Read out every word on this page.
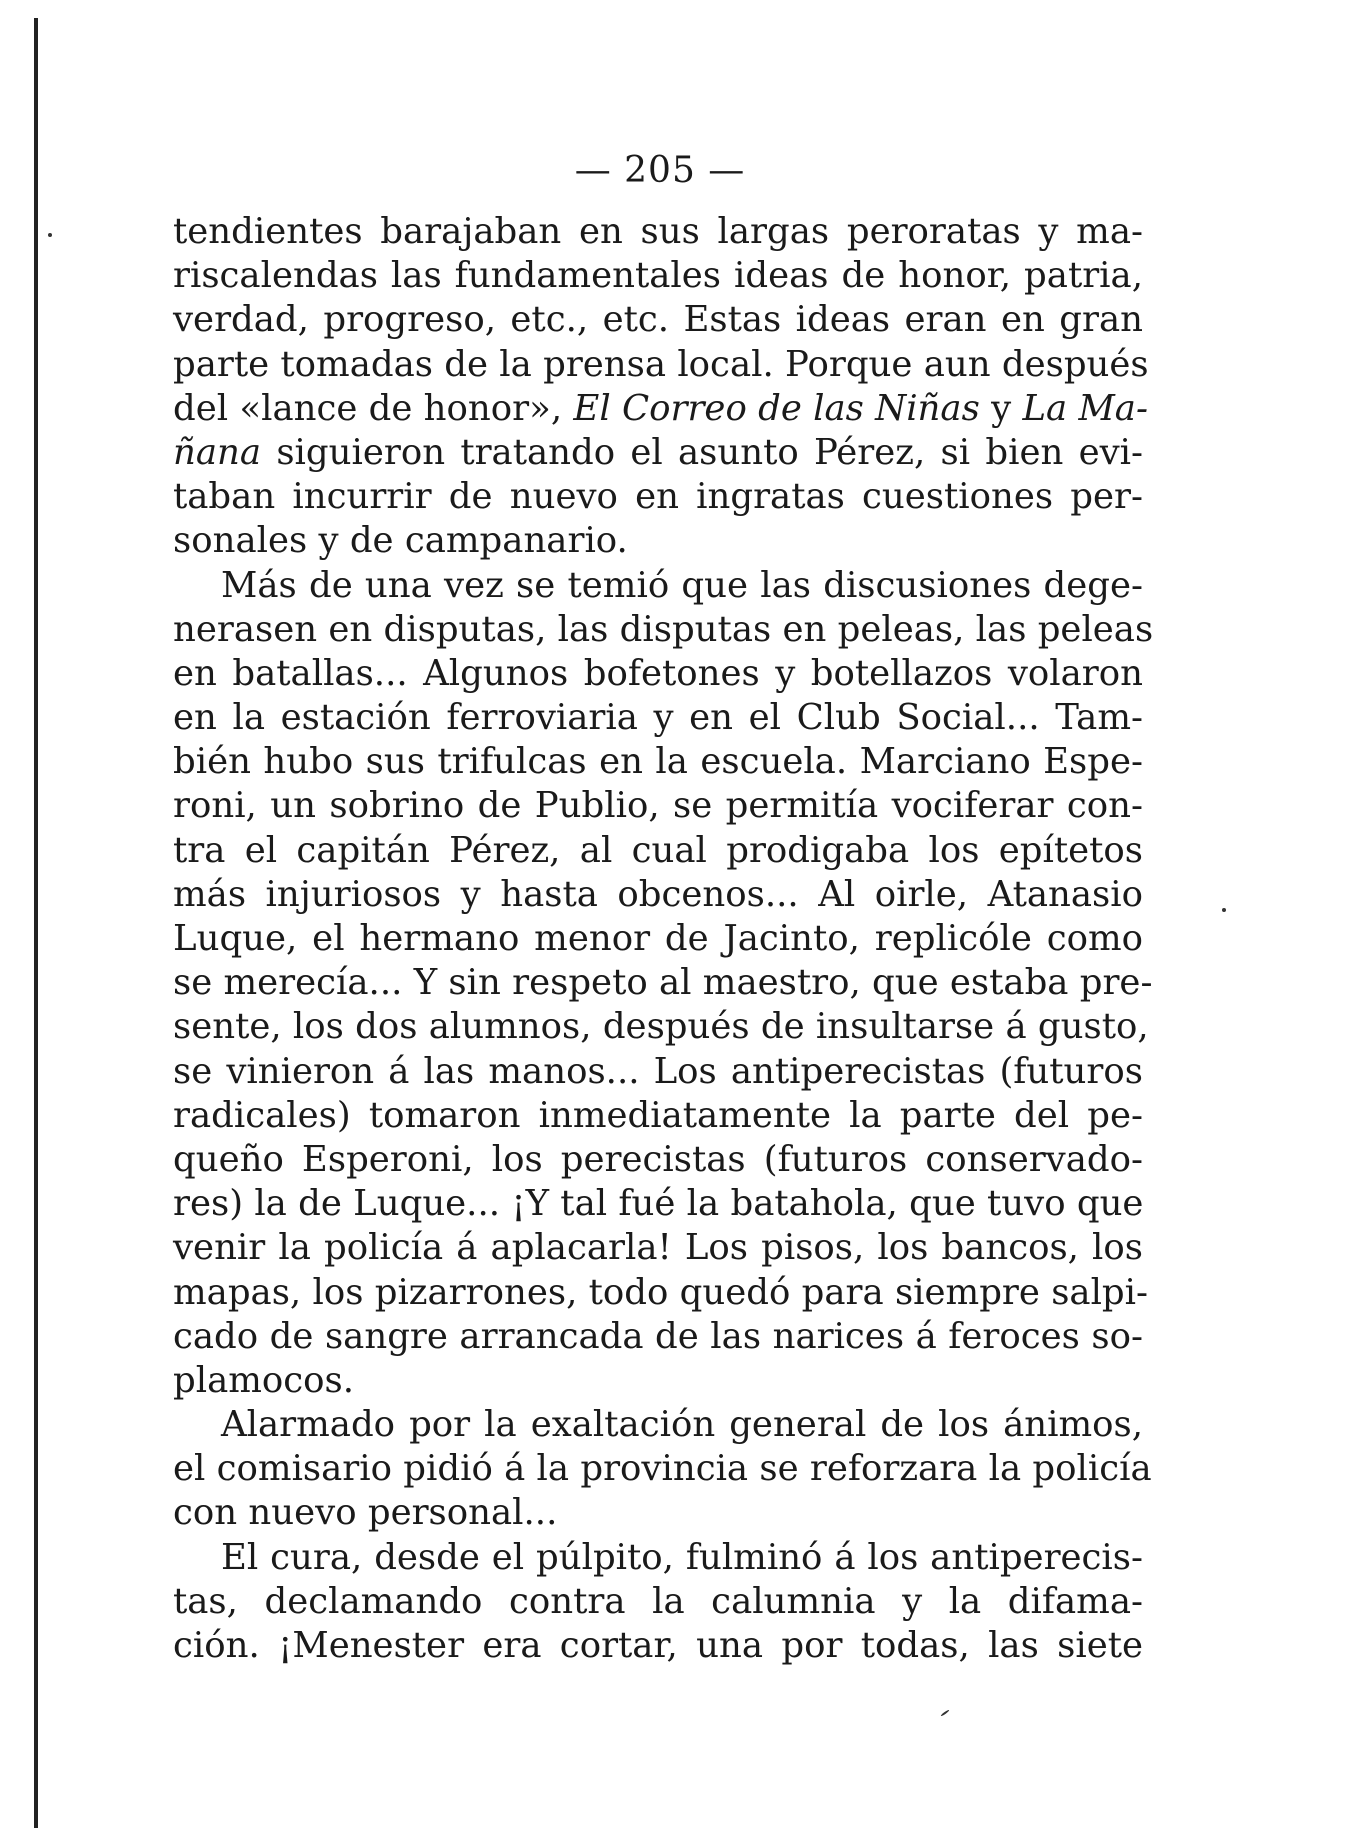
— 205 —
tendientes barajaban en sus largas peroratas y ma-
riscalendas las fundamentales ideas de honor, patria,
verdad, progreso, etc., etc. Estas ideas eran en gran
parte tomadas de la prensa local. Porque aun después
del «lance de honor», El Correo de las Niñas y La Ma-
ñana siguieron tratando el asunto Pérez, si bien evi-
taban incurrir de nuevo en ingratas cuestiones per-
sonales y de campanario.
Más de una vez se temió que las discusiones dege-
nerasen en disputas, las disputas en peleas, las peleas
en batallas... Algunos bofetones y botellazos volaron
en la estación ferroviaria y en el Club Social... Tam-
bién hubo sus trifulcas en la escuela. Marciano Espe-
roni, un sobrino de Publio, se permitía vociferar con-
tra el capitán Pérez, al cual prodigaba los epítetos
más injuriosos y hasta obcenos... Al oirle, Atanasio
Luque, el hermano menor de Jacinto, replicóle como
se merecía... Y sin respeto al maestro, que estaba pre-
sente, los dos alumnos, después de insultarse á gusto,
se vinieron á las manos... Los antiperecistas (futuros
radicales) tomaron inmediatamente la parte del pe-
queño Esperoni, los perecistas (futuros conservado-
res) la de Luque... ¡Y tal fué la batahola, que tuvo que
venir la policía á aplacarla! Los pisos, los bancos, los
mapas, los pizarrones, todo quedó para siempre salpi-
cado de sangre arrancada de las narices á feroces so-
plamocos.
Alarmado por la exaltación general de los ánimos,
el comisario pidió á la provincia se reforzara la policía
con nuevo personal...
El cura, desde el púlpito, fulminó á los antiperecis-
tas, declamando contra la calumnia y la difama-
ción. ¡Menester era cortar, una por todas, las siete
